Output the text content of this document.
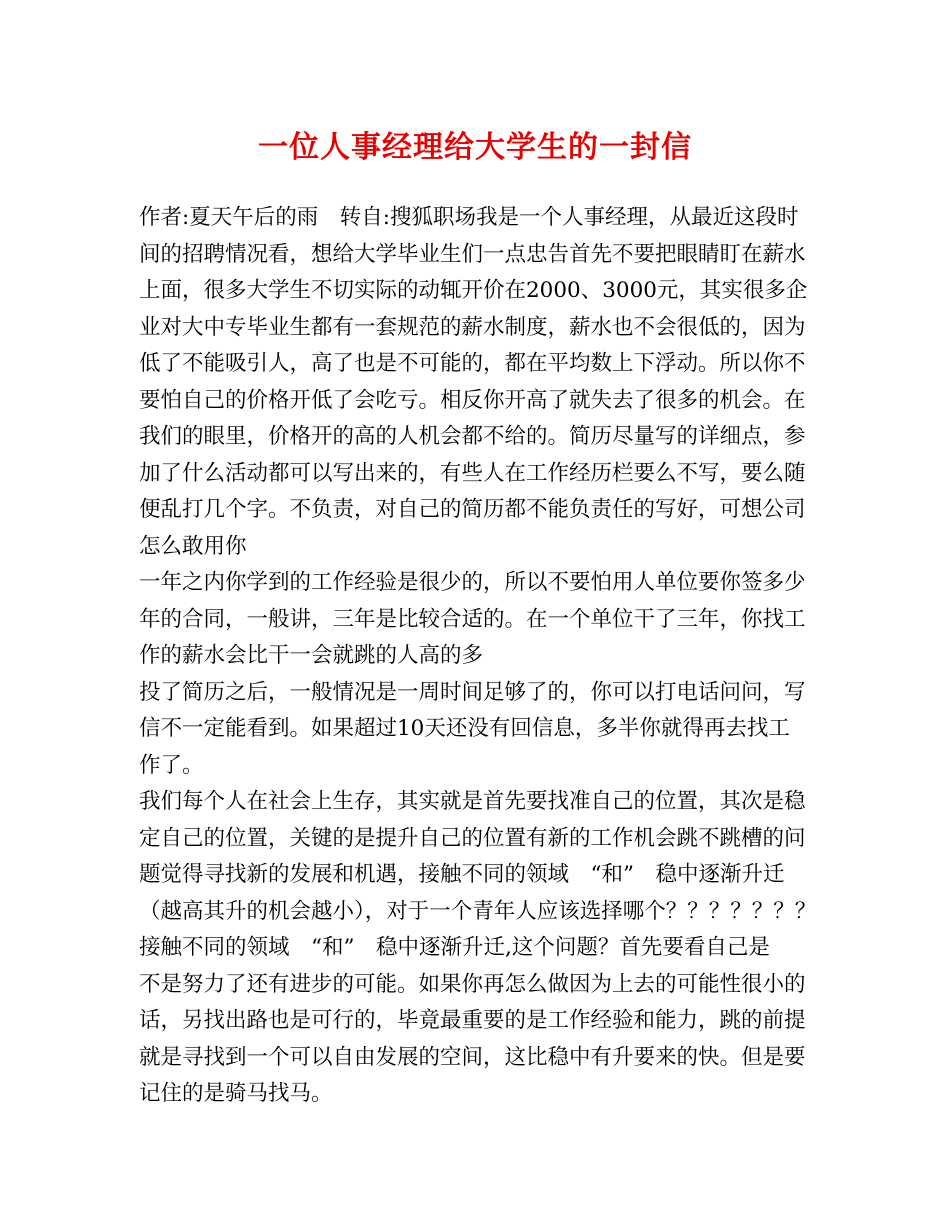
一位人事经理给大学生的一封信
作者:夏天午后的雨　转自:搜狐职场我是一个人事经理，从最近这段时
间的招聘情况看，想给大学毕业生们一点忠告首先不要把眼睛盯在薪水
上面，很多大学生不切实际的动辄开价在2000、3000元，其实很多企
业对大中专毕业生都有一套规范的薪水制度，薪水也不会很低的，因为
低了不能吸引人，高了也是不可能的，都在平均数上下浮动。所以你不
要怕自己的价格开低了会吃亏。相反你开高了就失去了很多的机会。在
我们的眼里，价格开的高的人机会都不给的。简历尽量写的详细点，参
加了什么活动都可以写出来的，有些人在工作经历栏要么不写，要么随
便乱打几个字。不负责，对自己的简历都不能负责任的写好，可想公司
怎么敢用你
一年之内你学到的工作经验是很少的，所以不要怕用人单位要你签多少
年的合同，一般讲，三年是比较合适的。在一个单位干了三年，你找工
作的薪水会比干一会就跳的人高的多
投了简历之后，一般情况是一周时间足够了的，你可以打电话问问，写
信不一定能看到。如果超过10天还没有回信息，多半你就得再去找工
作了。
我们每个人在社会上生存，其实就是首先要找准自己的位置，其次是稳
定自己的位置，关键的是提升自己的位置有新的工作机会跳不跳槽的问
题觉得寻找新的发展和机遇，接触不同的领域　“和”　稳中逐渐升迁
（越高其升的机会越小），对于一个青年人应该选择哪个？？？？？？？
接触不同的领域　“和”　稳中逐渐升迁,这个问题？首先要看自己是
不是努力了还有进步的可能。如果你再怎么做因为上去的可能性很小的
话，另找出路也是可行的，毕竟最重要的是工作经验和能力，跳的前提
就是寻找到一个可以自由发展的空间，这比稳中有升要来的快。但是要
记住的是骑马找马。
